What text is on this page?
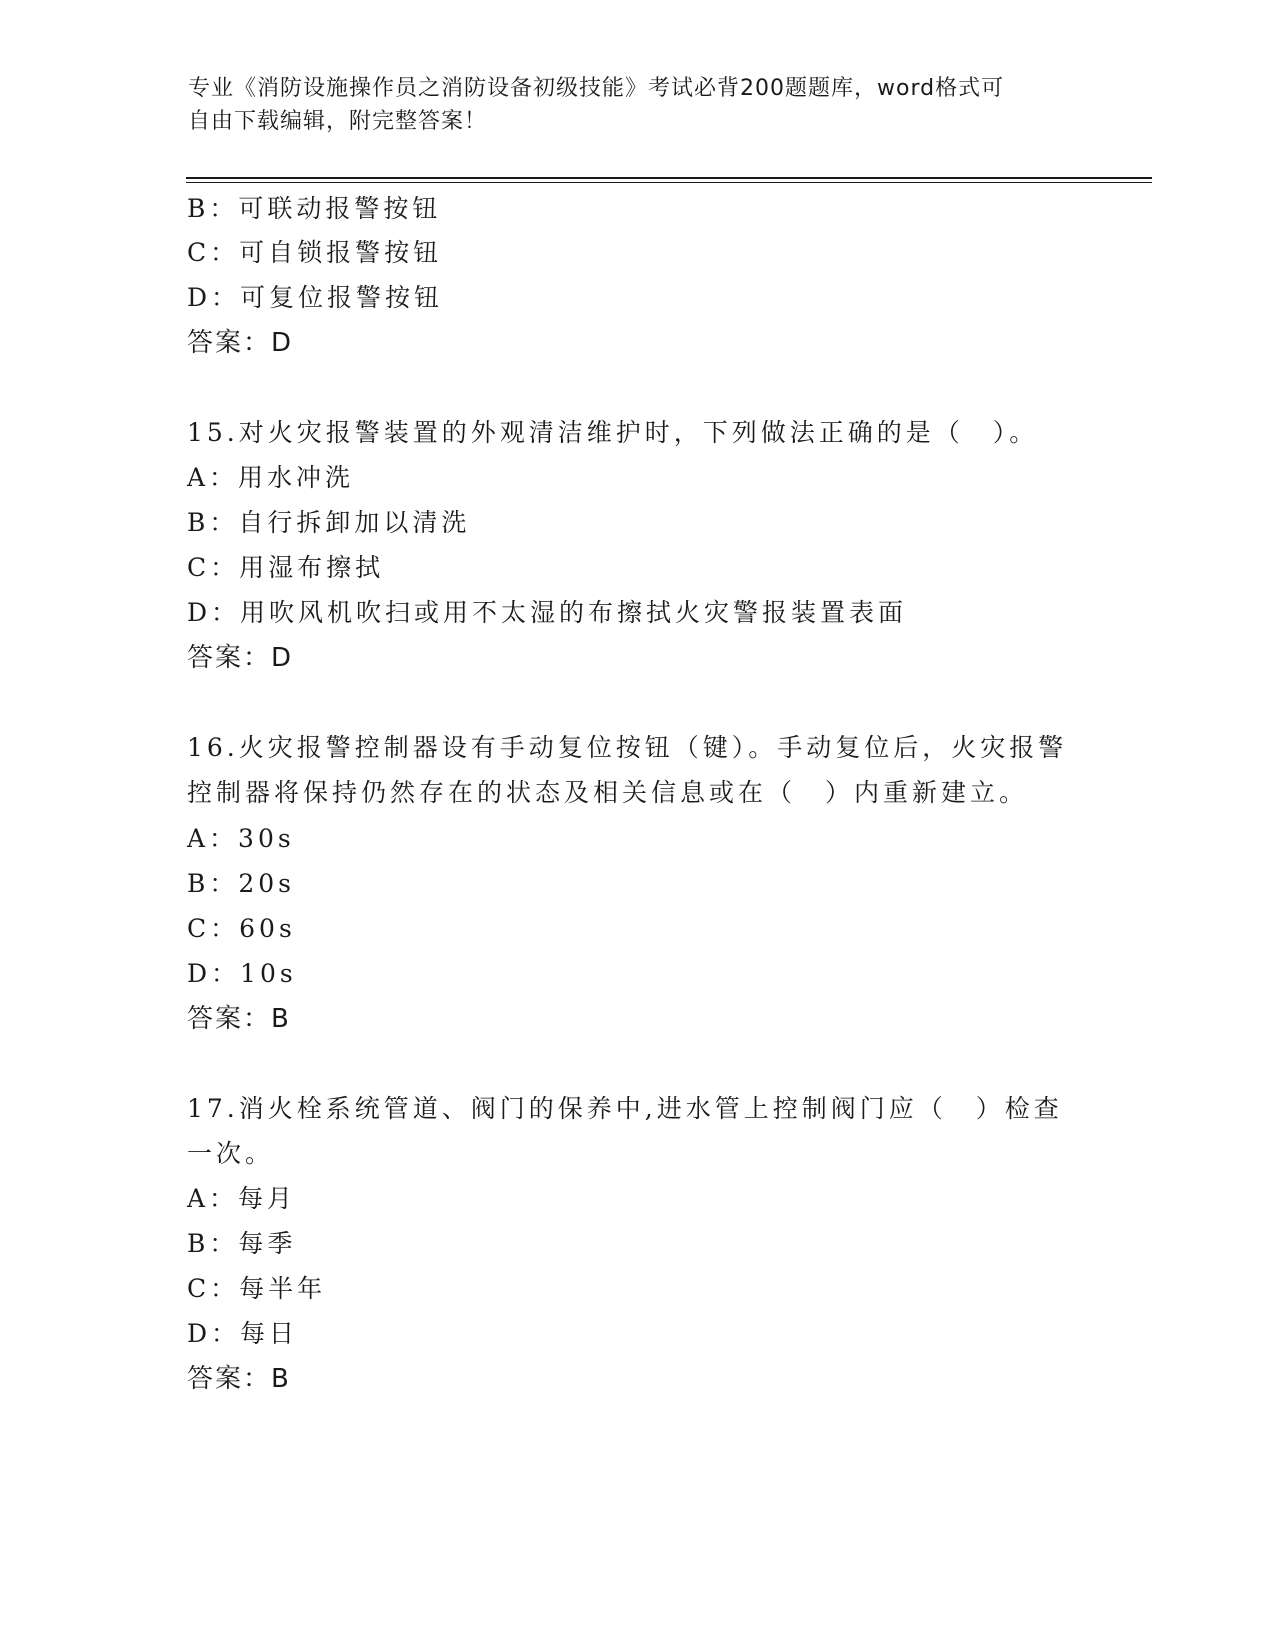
专业《消防设施操作员之消防设备初级技能》考试必背200题题库，word格式可
自由下载编辑，附完整答案！
B：可联动报警按钮
C：可自锁报警按钮
D：可复位报警按钮
答案：D
15.对火灾报警装置的外观清洁维护时，下列做法正确的是（　）。
A：用水冲洗
B：自行拆卸加以清洗
C：用湿布擦拭
D：用吹风机吹扫或用不太湿的布擦拭火灾警报装置表面
答案：D
16.火灾报警控制器设有手动复位按钮（键）。手动复位后，火灾报警
控制器将保持仍然存在的状态及相关信息或在（　）内重新建立。
A：30s
B：20s
C：60s
D：10s
答案：B
17.消火栓系统管道、阀门的保养中,进水管上控制阀门应（　）检查
一次。
A：每月
B：每季
C：每半年
D：每日
答案：B
